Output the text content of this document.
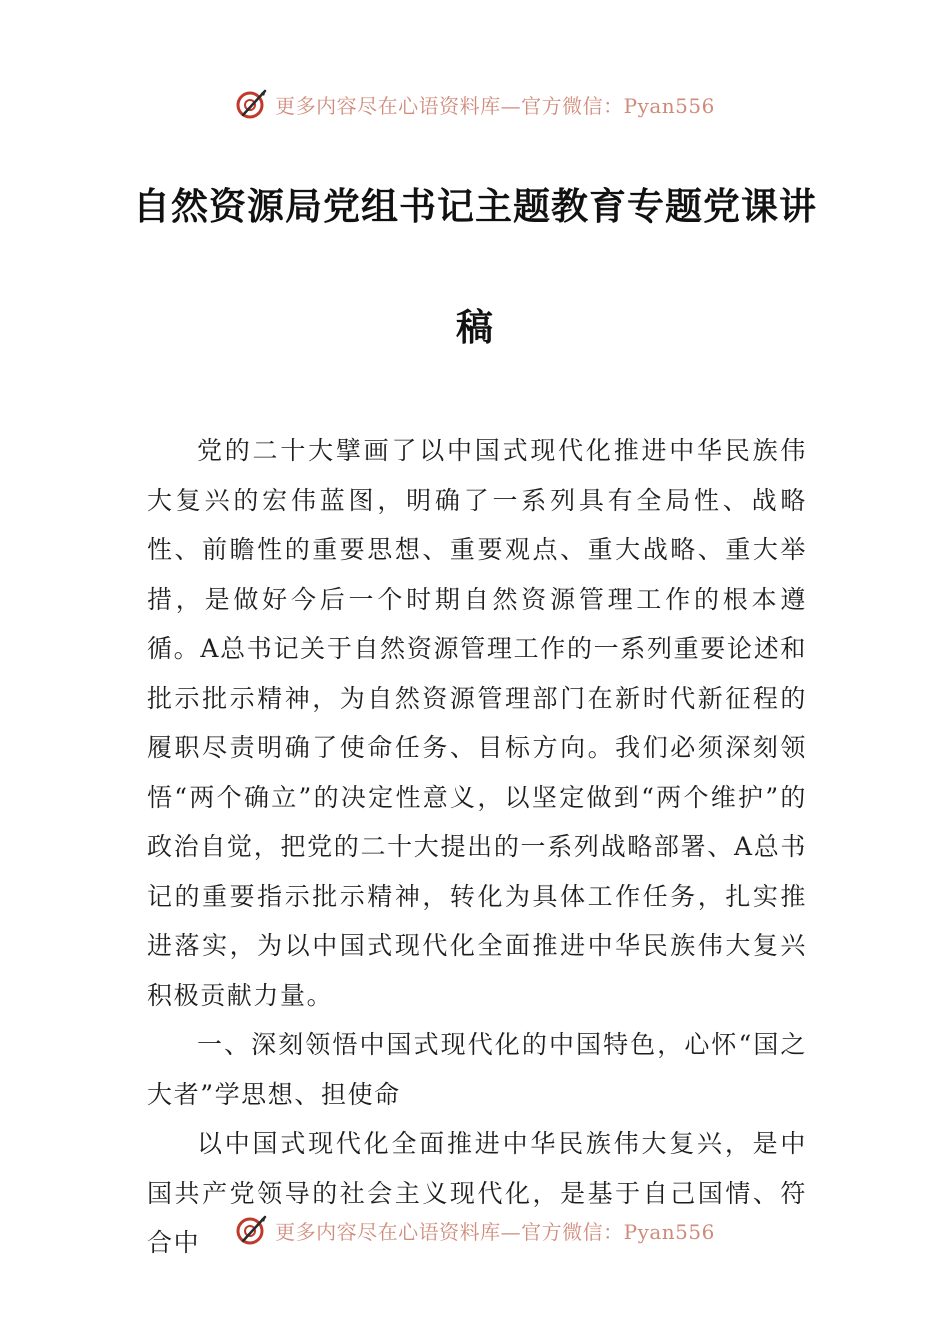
更多内容尽在心语资料库—官方微信：Pyan556
自然资源局党组书记主题教育专题党课讲
稿

党的二十大擘画了以中国式现代化推进中华民族伟大复兴的宏伟蓝图，明确了一系列具有全局性、战略性、前瞻性的重要思想、重要观点、重大战略、重大举措，是做好今后一个时期自然资源管理工作的根本遵循。A总书记关于自然资源管理工作的一系列重要论述和批示批示精神，为自然资源管理部门在新时代新征程的履职尽责明确了使命任务、目标方向。我们必须深刻领悟“两个确立”的决定性意义，以坚定做到“两个维护”的政治自觉，把党的二十大提出的一系列战略部署、A总书记的重要指示批示精神，转化为具体工作任务，扎实推进落实，为以中国式现代化全面推进中华民族伟大复兴积极贡献力量。

一、深刻领悟中国式现代化的中国特色，心怀“国之大者”学思想、担使命

以中国式现代化全面推进中华民族伟大复兴，是中国共产党领导的社会主义现代化，是基于自己国情、符合中	更多内容尽在心语资料库—官方微信：Pyan556
